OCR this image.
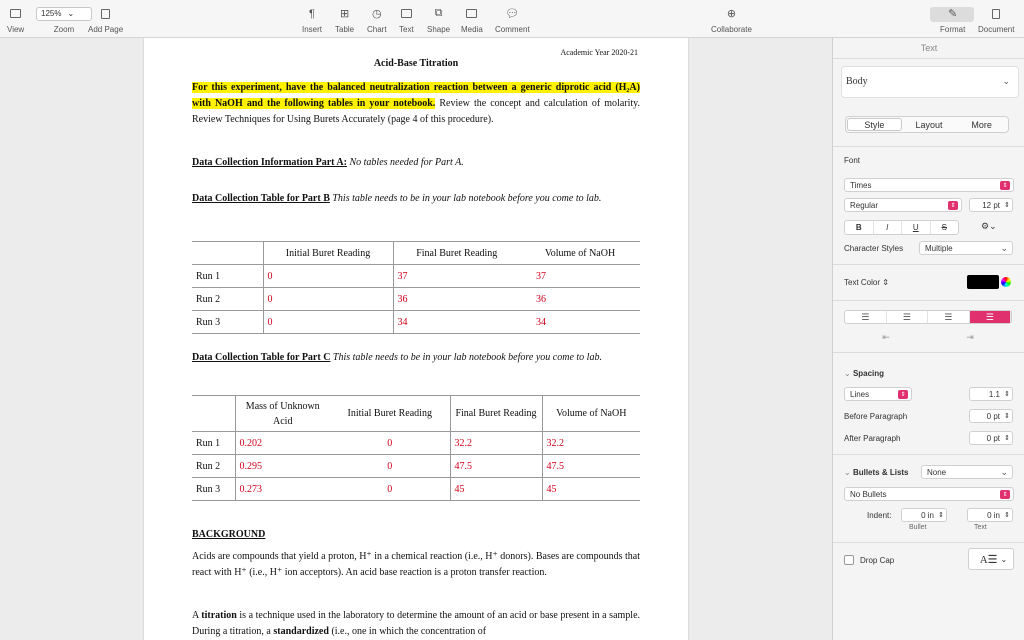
View
125% ⌄
Zoom Add Page
¶
Insert
⊞
Table
◷
Chart Text
⧉
Shape Media
💬︎
Comment
⊕
Collaborate
✎
Format Document
Academic Year 2020-21
Acid-Base Titration
For this experiment, have the balanced neutralization reaction between a generic diprotic acid (H₂A) with NaOH and the following tables in your notebook. Review the concept and calculation of molarity. Review Techniques for Using Burets Accurately (page 4 of this procedure).
Data Collection Information Part A: No tables needed for Part A.
Data Collection Table for Part B This table needs to be in your lab notebook before you come to lab.
	Initial Buret Reading	Final Buret Reading	Volume of NaOH
Run 1	0	37	37
Run 2	0	36	36
Run 3	0	34	34
Data Collection Table for Part C This table needs to be in your lab notebook before you come to lab.
	Mass of Unknown Acid	Initial Buret Reading	Final Buret Reading	Volume of NaOH
Run 1	0.202	0	32.2	32.2
Run 2	0.295	0	47.5	47.5
Run 3	0.273	0	45	45
BACKGROUND
Acids are compounds that yield a proton, H⁺ in a chemical reaction (i.e., H⁺ donors). Bases are compounds that react with H⁺ (i.e., H⁺ ion acceptors). An acid base reaction is a proton transfer reaction.
A titration is a technique used in the laboratory to determine the amount of an acid or base present in a sample. During a titration, a standardized (i.e., one in which the concentration of
Text
Body	⌄
Style	Layout	More
Font
Times	⇕
Regular	⇕	12 pt ⇕
B	I	U	S	⚙⌄
Character Styles	Multiple	⌄
Text Color ⇕
☰	☰	☰	☰
⇤	⇥
⌄ Spacing
Lines	⇕	1.1 ⇕
Before Paragraph	0 pt ⇕
After Paragraph	0 pt ⇕
⌄ Bullets & Lists None	⌄
No Bullets	⇕
Indent:	0 in ⇕
Bullet
0 in ⇕
Text
Drop Cap	A☰ ⌄
